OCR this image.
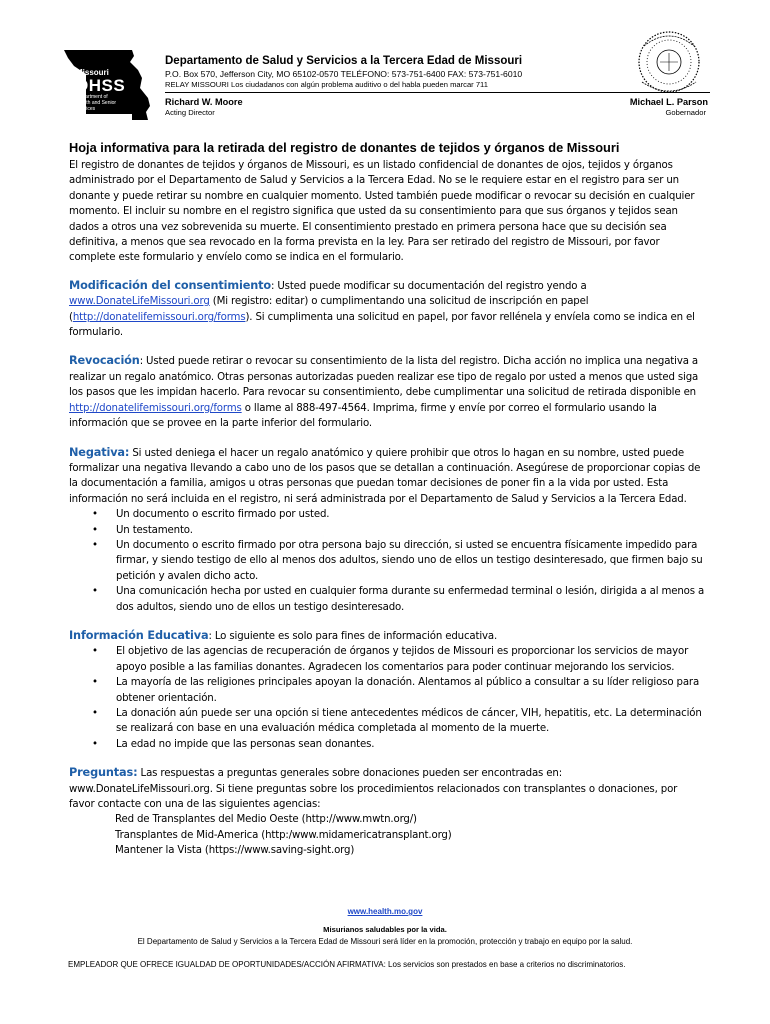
Missouri
DHSS
Department of Health and Senior Services
Departamento de Salud y Servicios a la Tercera Edad de Missouri
P.O. Box 570, Jefferson City, MO 65102-0570 TELÉFONO: 573-751-6400 FAX: 573-751-6010
RELAY MISSOURI Los ciudadanos con algún problema auditivo o del habla pueden marcar 711
Richard W. Moore
Acting Director
Michael L. Parson
Gobernador
Hoja informativa para la retirada del registro de donantes de tejidos y órganos de Missouri

El registro de donantes de tejidos y órganos de Missouri, es un listado confidencial de donantes de ojos, tejidos y órganos administrado por el Departamento de Salud y Servicios a la Tercera Edad. No se le requiere estar en el registro para ser un donante y puede retirar su nombre en cualquier momento. Usted también puede modificar o revocar su decisión en cualquier momento. El incluir su nombre en el registro significa que usted da su consentimiento para que sus órganos y tejidos sean dados a otros una vez sobrevenida su muerte. El consentimiento prestado en primera persona hace que su decisión sea definitiva, a menos que sea revocado en la forma prevista en la ley. Para ser retirado del registro de Missouri, por favor complete este formulario y envíelo como se indica en el formulario.

Modificación del consentimiento: Usted puede modificar su documentación del registro yendo a
www.DonateLifeMissouri.org (Mi registro: editar) o cumplimentando una solicitud de inscripción en papel (http://donatelifemissouri.org/forms). Si cumplimenta una solicitud en papel, por favor rellénela y envíela como se indica en el formulario.

Revocación: Usted puede retirar o revocar su consentimiento de la lista del registro. Dicha acción no implica una negativa a realizar un regalo anatómico. Otras personas autorizadas pueden realizar ese tipo de regalo por usted a menos que usted siga los pasos que les impidan hacerlo. Para revocar su consentimiento, debe cumplimentar una solicitud de retirada disponible en http://donatelifemissouri.org/forms o llame al 888-497-4564. Imprima, firme y envíe por correo el formulario usando la información que se provee en la parte inferior del formulario.

Negativa: Si usted deniega el hacer un regalo anatómico y quiere prohibir que otros lo hagan en su nombre, usted puede formalizar una negativa llevando a cabo uno de los pasos que se detallan a continuación. Asegúrese de proporcionar copias de la documentación a familia, amigos u otras personas que puedan tomar decisiones de poner fin a la vida por usted. Esta información no será incluida en el registro, ni será administrada por el Departamento de Salud y Servicios a la Tercera Edad.

• Un documento o escrito firmado por usted.
• Un testamento.
• Un documento o escrito firmado por otra persona bajo su dirección, si usted se encuentra físicamente impedido para firmar, y siendo testigo de ello al menos dos adultos, siendo uno de ellos un testigo desinteresado, que firmen bajo su petición y avalen dicho acto.
• Una comunicación hecha por usted en cualquier forma durante su enfermedad terminal o lesión, dirigida a al menos a dos adultos, siendo uno de ellos un testigo desinteresado.

Información Educativa: Lo siguiente es solo para fines de información educativa.

• El objetivo de las agencias de recuperación de órganos y tejidos de Missouri es proporcionar los servicios de mayor apoyo posible a las familias donantes. Agradecen los comentarios para poder continuar mejorando los servicios.
• La mayoría de las religiones principales apoyan la donación. Alentamos al público a consultar a su líder religioso para obtener orientación.
• La donación aún puede ser una opción si tiene antecedentes médicos de cáncer, VIH, hepatitis, etc. La determinación se realizará con base en una evaluación médica completada al momento de la muerte.
• La edad no impide que las personas sean donantes.

Preguntas: Las respuestas a preguntas generales sobre donaciones pueden ser encontradas en: www.DonateLifeMissouri.org. Si tiene preguntas sobre los procedimientos relacionados con transplantes o donaciones, por favor contacte con una de las siguientes agencias:

Red de Transplantes del Medio Oeste (http://www.mwtn.org/)
Transplantes de Mid-America (http:/www.midamericatransplant.org)
Mantener la Vista (https://www.saving-sight.org)
www.health.mo.gov
Misurianos saludables por la vida.
El Departamento de Salud y Servicios a la Tercera Edad de Missouri será líder en la promoción, protección y trabajo en equipo por la salud.
EMPLEADOR QUE OFRECE IGUALDAD DE OPORTUNIDADES/ACCIÓN AFIRMATIVA: Los servicios son prestados en base a criterios no discriminatorios.
